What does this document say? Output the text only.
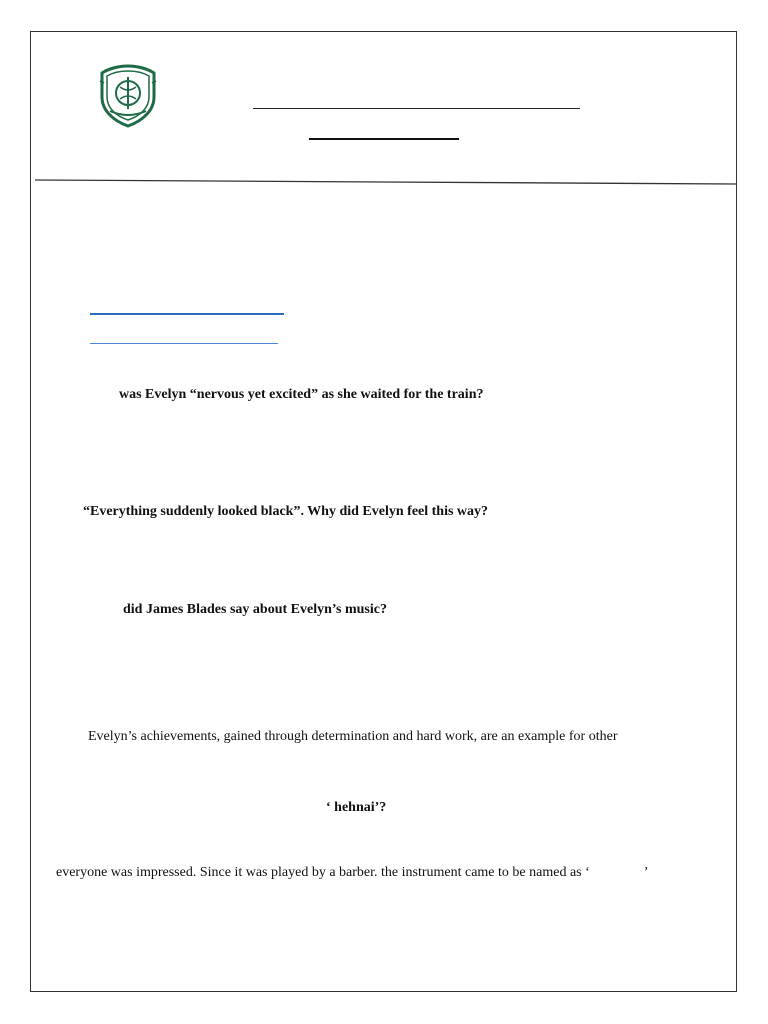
was Evelyn “nervous yet excited” as she waited for the train?
“Everything suddenly looked black”. Why did Evelyn feel this way?
did James Blades say about Evelyn’s music?
Evelyn’s achievements, gained through determination and hard work, are an example for other
‘ hehnai’?
everyone was impressed. Since it was played by a barber. the instrument came to be named as ‘	’
